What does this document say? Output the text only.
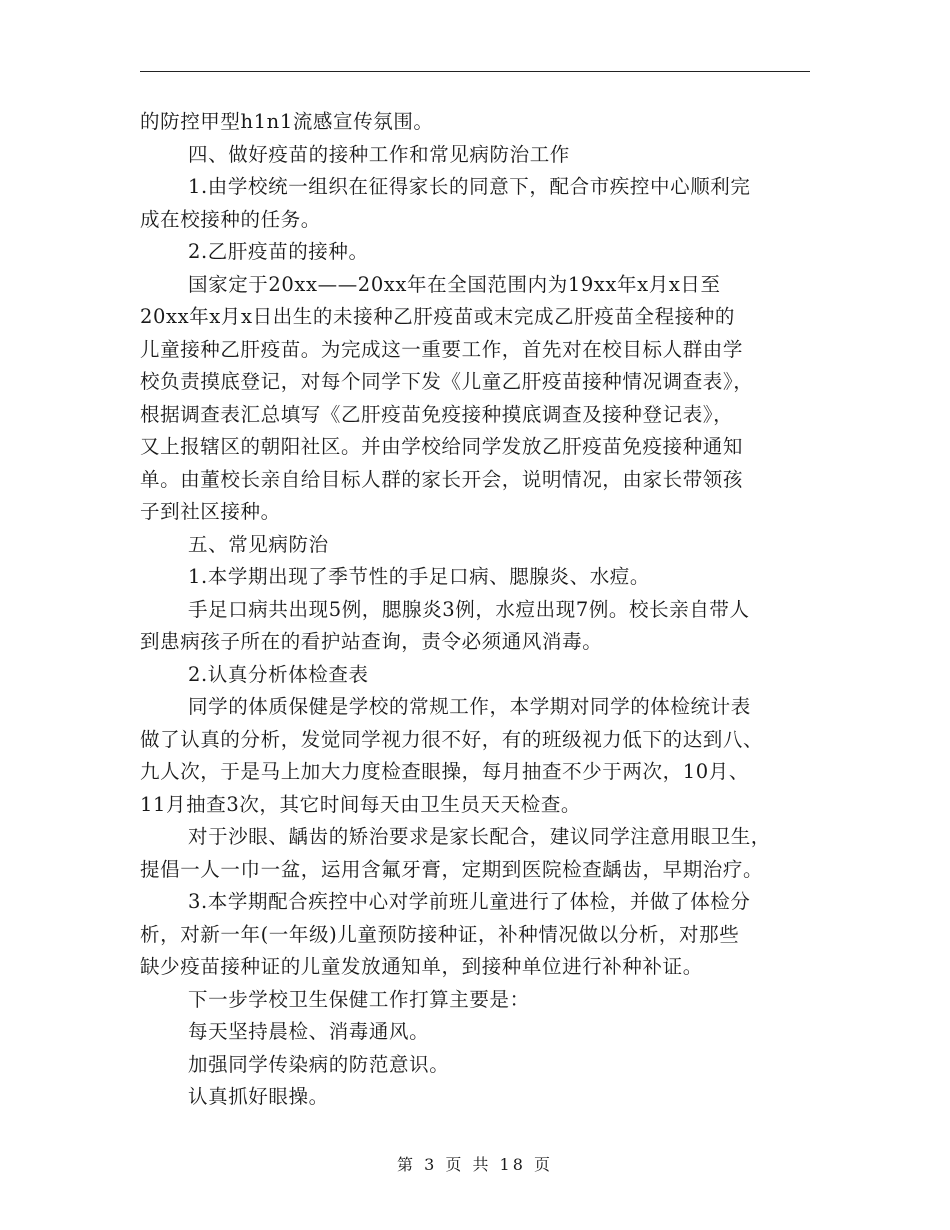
的防控甲型h1n1流感宣传氛围。

四、做好疫苗的接种工作和常见病防治工作

1.由学校统一组织在征得家长的同意下，配合市疾控中心顺利完

成在校接种的任务。

2.乙肝疫苗的接种。

国家定于20xx——20xx年在全国范围内为19xx年x月x日至

20xx年x月x日出生的未接种乙肝疫苗或末完成乙肝疫苗全程接种的

儿童接种乙肝疫苗。为完成这一重要工作，首先对在校目标人群由学

校负责摸底登记，对每个同学下发《儿童乙肝疫苗接种情况调查表》，

根据调查表汇总填写《乙肝疫苗免疫接种摸底调查及接种登记表》，

又上报辖区的朝阳社区。并由学校给同学发放乙肝疫苗免疫接种通知

单。由董校长亲自给目标人群的家长开会，说明情况，由家长带领孩

子到社区接种。

五、常见病防治

1.本学期出现了季节性的手足口病、腮腺炎、水痘。

手足口病共出现5例，腮腺炎3例，水痘出现7例。校长亲自带人

到患病孩子所在的看护站查询，责令必须通风消毒。

2.认真分析体检查表

同学的体质保健是学校的常规工作，本学期对同学的体检统计表

做了认真的分析，发觉同学视力很不好，有的班级视力低下的达到八、

九人次，于是马上加大力度检查眼操，每月抽查不少于两次，10月、

11月抽查3次，其它时间每天由卫生员天天检查。

对于沙眼、龋齿的矫治要求是家长配合，建议同学注意用眼卫生，

提倡一人一巾一盆，运用含氟牙膏，定期到医院检查龋齿，早期治疗。

3.本学期配合疾控中心对学前班儿童进行了体检，并做了体检分

析，对新一年(一年级)儿童预防接种证，补种情况做以分析，对那些

缺少疫苗接种证的儿童发放通知单，到接种单位进行补种补证。

下一步学校卫生保健工作打算主要是：

每天坚持晨检、消毒通风。

加强同学传染病的防范意识。

认真抓好眼操。

第 3 页 共 18 页
